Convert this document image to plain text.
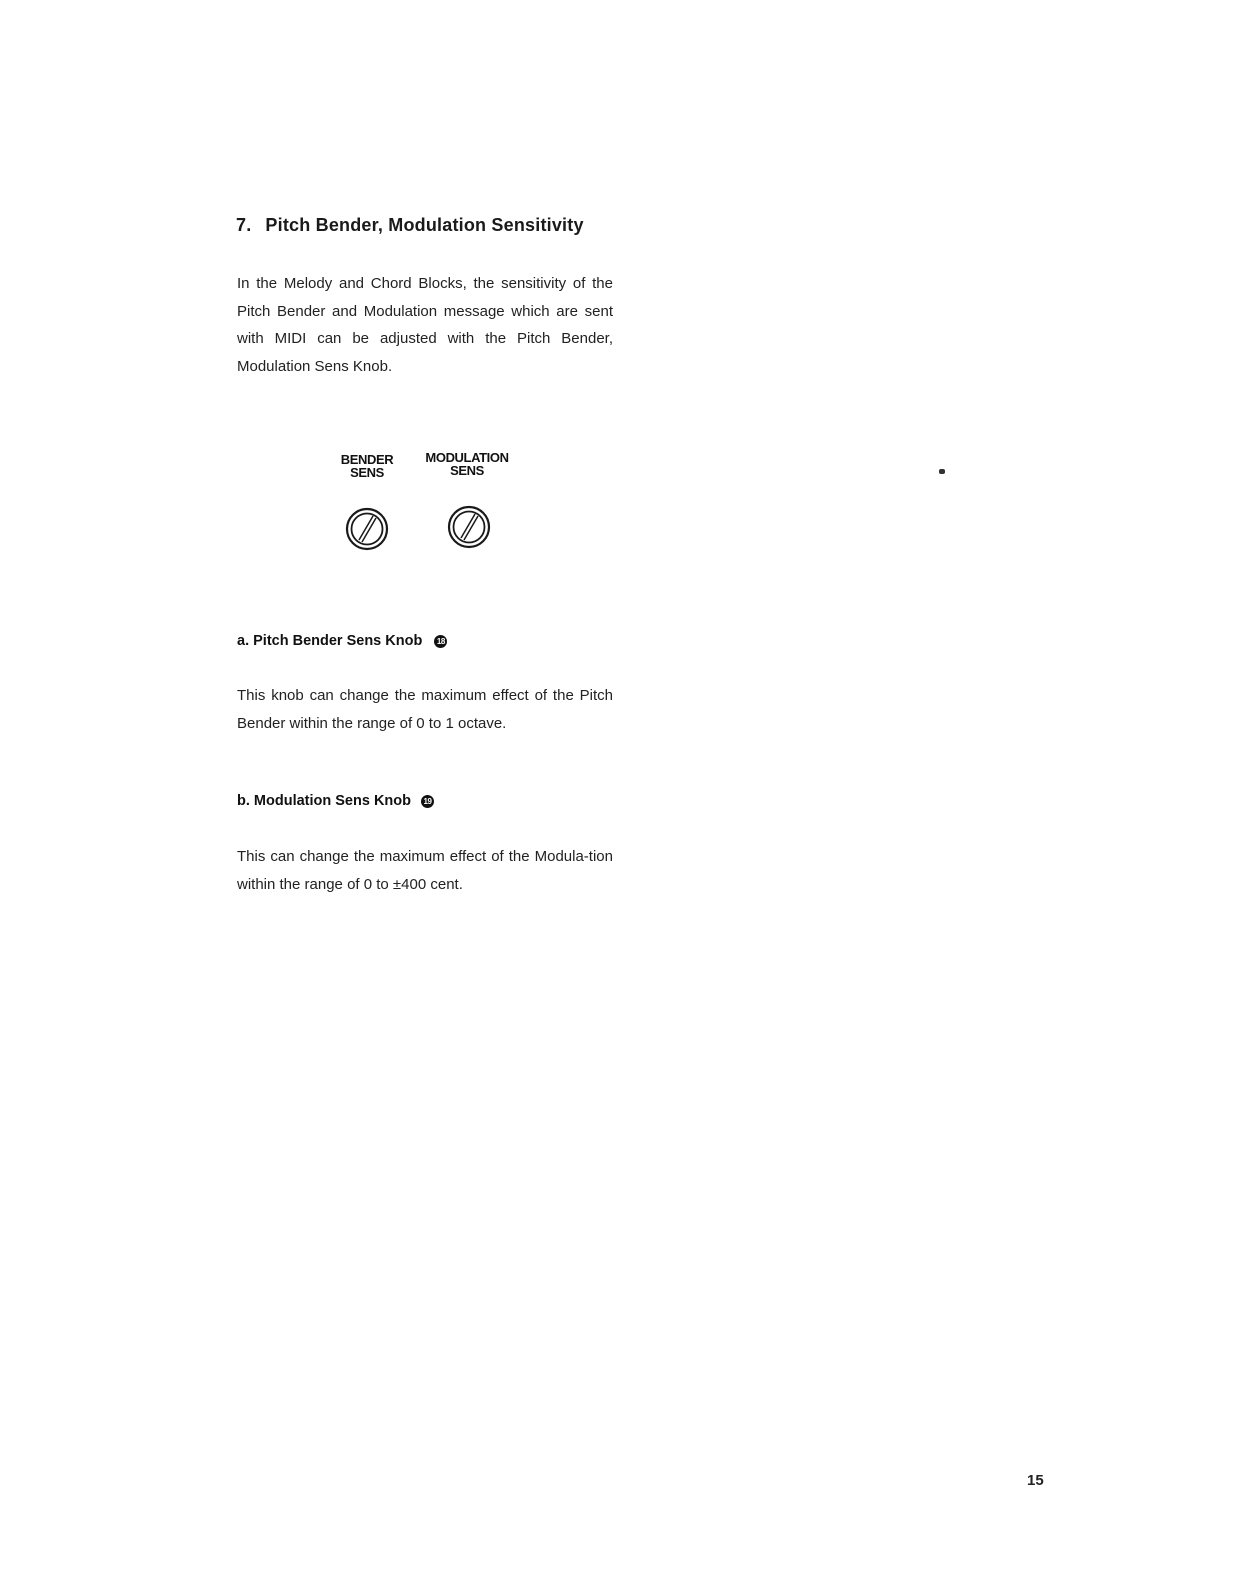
7. Pitch Bender, Modulation Sensitivity

In the Melody and Chord Blocks, the sensitivity of the Pitch Bender and Modulation message which are sent with MIDI can be adjusted with the Pitch Bender, Modulation Sens Knob.

BENDER
SENS
MODULATION
SENS
a. Pitch Bender Sens Knob 18

This knob can change the maximum effect of the Pitch Bender within the range of 0 to 1 octave.

b. Modulation Sens Knob 19

This can change the maximum effect of the Modula-tion within the range of 0 to ±400 cent.

15
